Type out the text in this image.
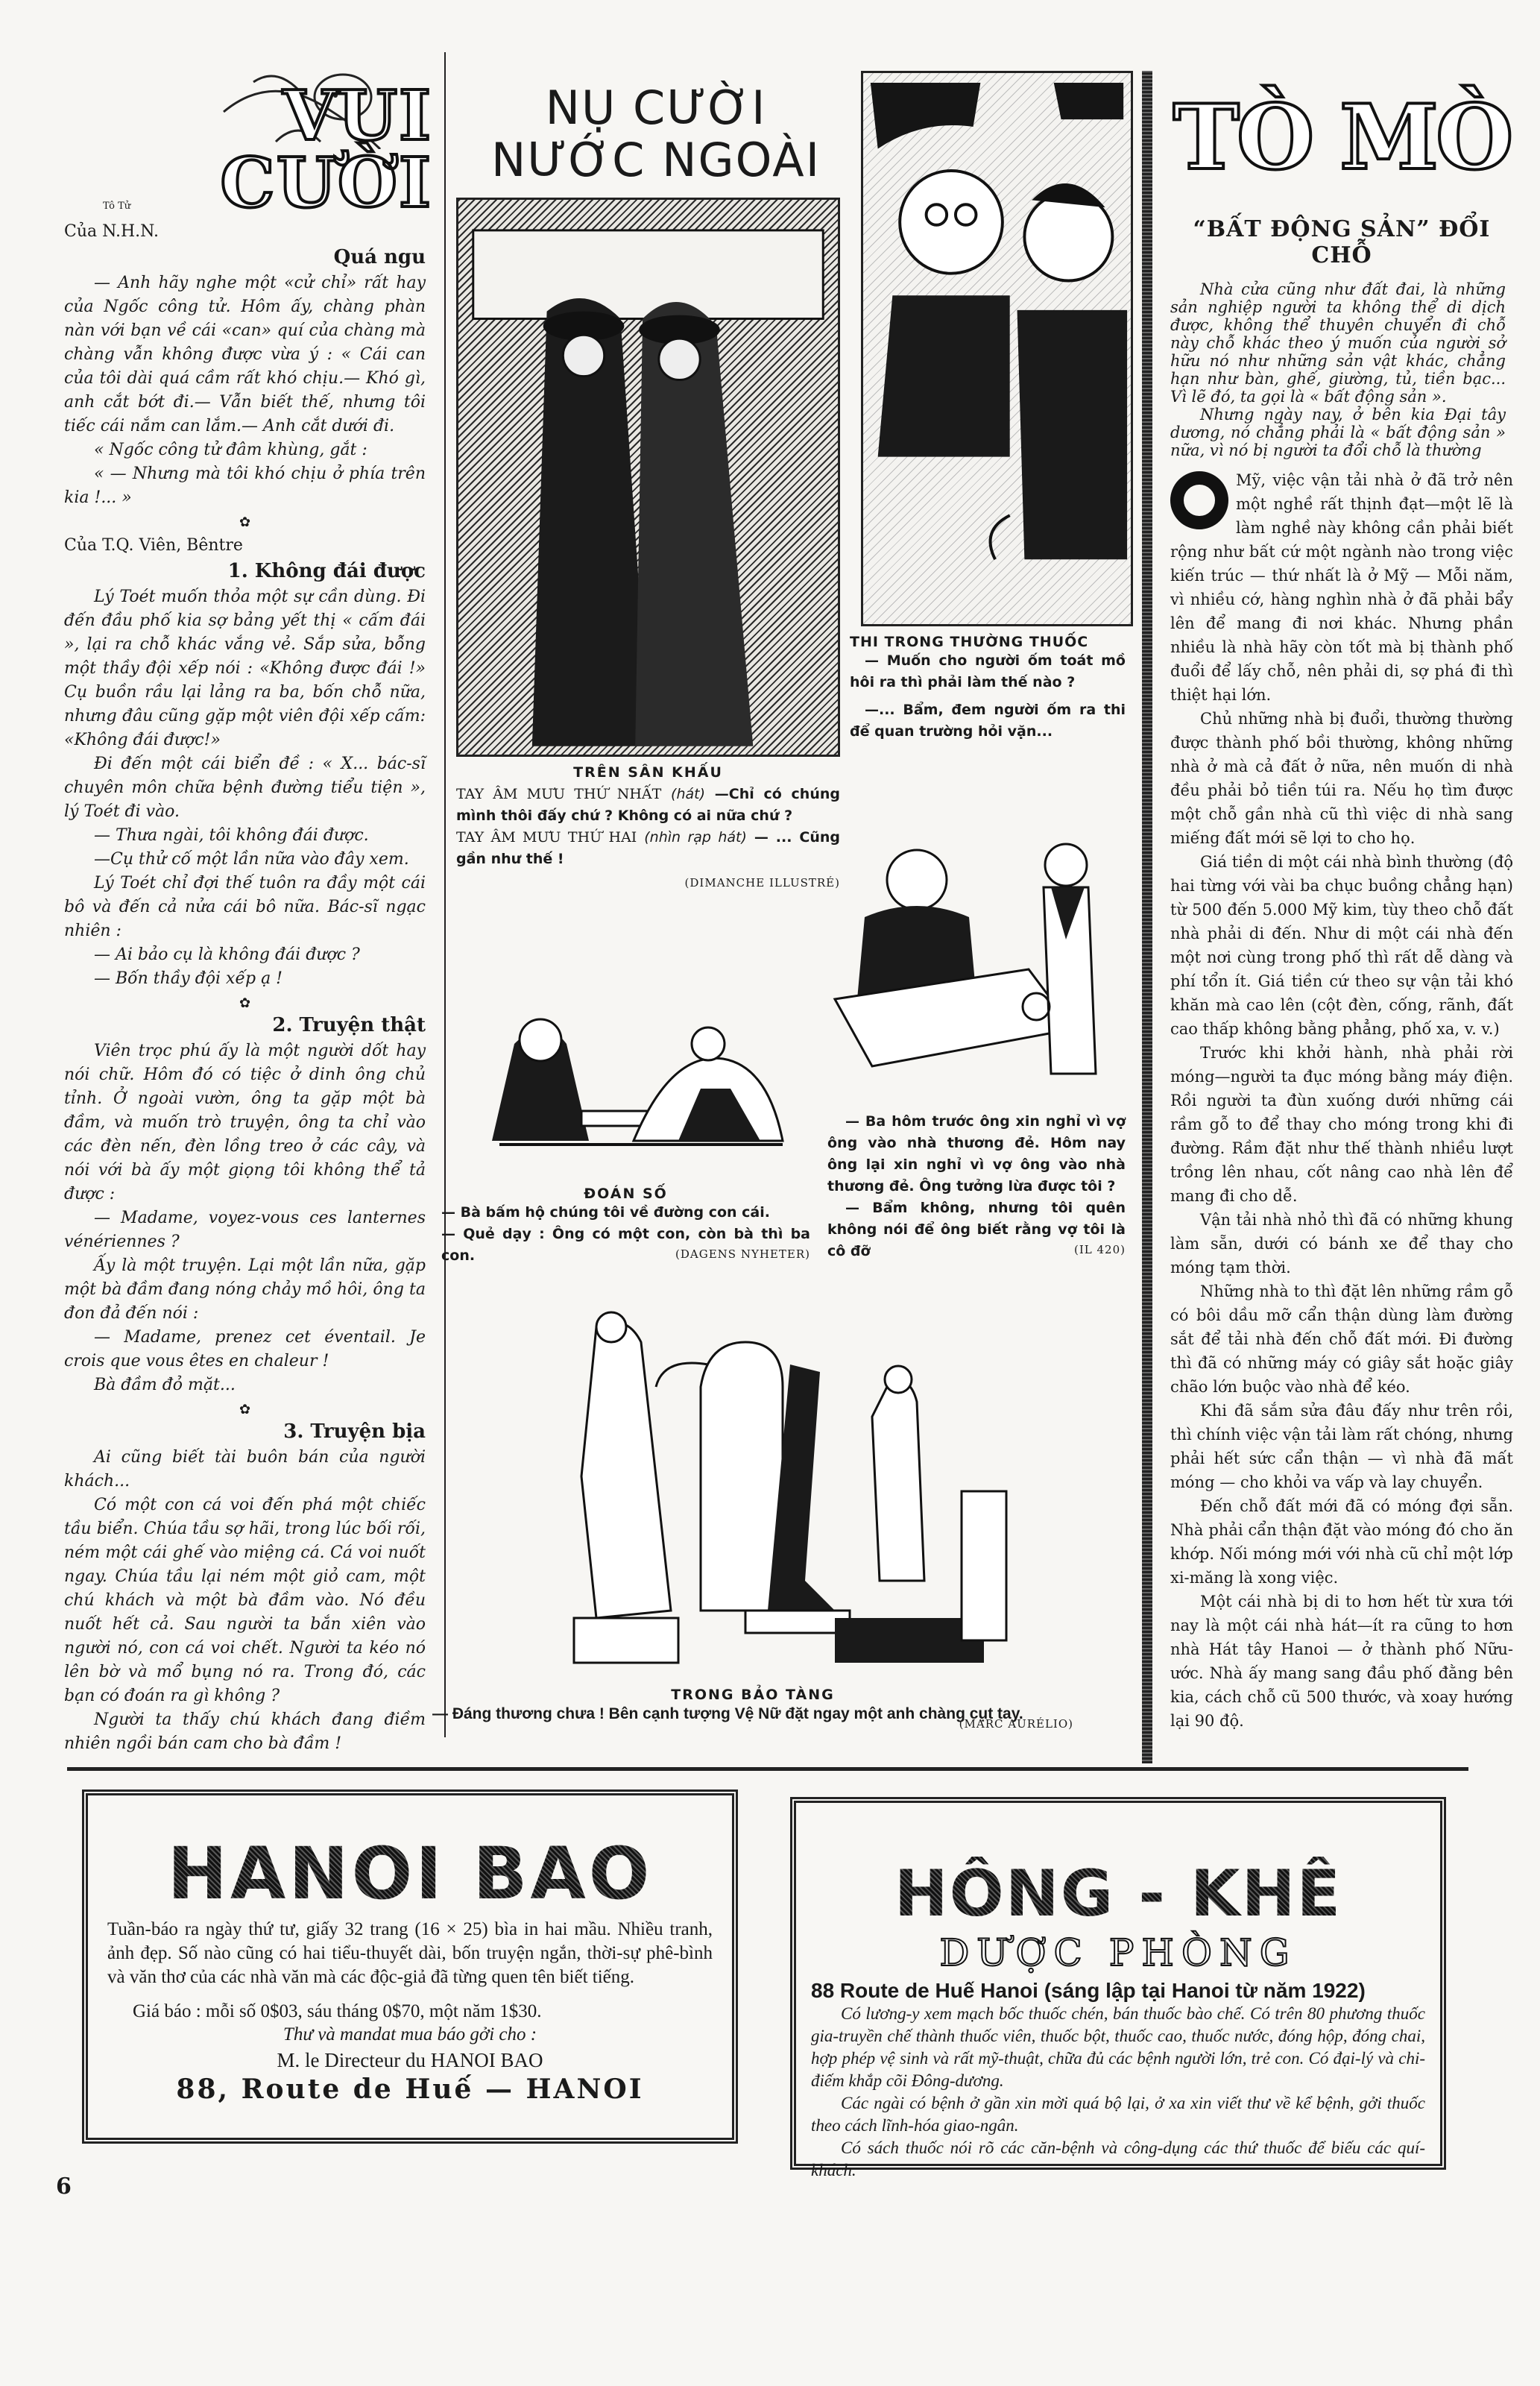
VUI CƯỜI
Tô Tử
Của N.H.N.
Quá ngu

— Anh hãy nghe một «cử chỉ» rất hay của Ngốc công tử. Hôm ấy, chàng phàn nàn với bạn về cái «can» quí của chàng mà chàng vẫn không được vừa ý : « Cái can của tôi dài quá cầm rất khó chịu.— Khó gì, anh cắt bớt đi.— Vẫn biết thế, nhưng tôi tiếc cái nắm can lắm.— Anh cắt dưới đi.

« Ngốc công tử đâm khùng, gắt :

« — Nhưng mà tôi khó chịu ở phía trên kia !... »

✿
Của T.Q. Viên, Bêntre
1. Không đái được

Lý Toét muốn thỏa một sự cần dùng. Đi đến đầu phố kia sợ bảng yết thị « cấm đái », lại ra chỗ khác vắng vẻ. Sắp sửa, bỗng một thầy đội xếp nói : «Không được đái !» Cụ buồn rầu lại lảng ra ba, bốn chỗ nữa, nhưng đâu cũng gặp một viên đội xếp cấm: «Không đái được!»

Đi đến một cái biển đề : « X... bác-sĩ chuyên môn chữa bệnh đường tiểu tiện », lý Toét đi vào.

— Thưa ngài, tôi không đái được.

—Cụ thử cố một lần nữa vào đây xem.

Lý Toét chỉ đợi thế tuôn ra đầy một cái bô và đến cả nửa cái bô nữa. Bác-sĩ ngạc nhiên :

— Ai bảo cụ là không đái được ?

— Bốn thầy đội xếp ạ !

✿
2. Truyện thật

Viên trọc phú ấy là một người dốt hay nói chữ. Hôm đó có tiệc ở dinh ông chủ tỉnh. Ở ngoài vườn, ông ta gặp một bà đầm, và muốn trò truyện, ông ta chỉ vào các đèn nến, đèn lồng treo ở các cây, và nói với bà ấy một giọng tôi không thể tả được :

— Madame, voyez-vous ces lanternes vénériennes ?

Ấy là một truyện. Lại một lần nữa, gặp một bà đầm đang nóng chảy mồ hôi, ông ta đon đả đến nói :

— Madame, prenez cet éventail. Je crois que vous êtes en chaleur !

Bà đầm đỏ mặt...

✿
3. Truyện bịa

Ai cũng biết tài buôn bán của người khách...

Có một con cá voi đến phá một chiếc tầu biển. Chúa tầu sợ hãi, trong lúc bối rối, ném một cái ghế vào miệng cá. Cá voi nuốt ngay. Chúa tầu lại ném một giỏ cam, một chú khách và một bà đầm vào. Nó đều nuốt hết cả. Sau người ta bắn xiên vào người nó, con cá voi chết. Người ta kéo nó lên bờ và mổ bụng nó ra. Trong đó, các bạn có đoán ra gì không ?

Người ta thấy chú khách đang điềm nhiên ngồi bán cam cho bà đầm !

NỤ CƯỜI
NƯỚC NGOÀI
TRÊN SÂN KHẤU

TAY ÂM MƯU THỨ NHẤT (hát) —Chỉ có chúng mình thôi đấy chứ ? Không có ai nữa chứ ?

TAY ÂM MƯU THỨ HAI (nhìn rạp hát) — ... Cũng gần như thế !

(DIMANCHE ILLUSTRÉ)
THI TRONG THƯỜNG THUỐC

— Muốn cho người ốm toát mồ hôi ra thì phải làm thế nào ?

—... Bẩm, đem người ốm ra thi để quan trường hỏi vặn...

ĐOÁN SỐ

— Bà bấm hộ chúng tôi về đường con cái.

— Quẻ dạy : Ông có một con, còn bà thì ba con.	(DAGENS NYHETER)

— Ba hôm trước ông xin nghỉ vì vợ ông vào nhà thương đẻ. Hôm nay ông lại xin nghỉ vì vợ ông vào nhà thương đẻ. Ông tưởng lừa được tôi ?

— Bẩm không, nhưng tôi quên không nói để ông biết rằng vợ tôi là cô đỡ	(IL 420)
TRONG BẢO TÀNG

— Đáng thương chưa ! Bên cạnh tượng Vệ Nữ đặt ngay một anh chàng cụt tay.

(MARC AURÉLIO)
TÒ MÒ
“BẤT ĐỘNG SẢN” ĐỔI CHỖ

Nhà cửa cũng như đất đai, là những sản nghiệp người ta không thể di dịch được, không thể thuyên chuyển đi chỗ này chỗ khác theo ý muốn của người sở hữu nó như những sản vật khác, chẳng hạn như bàn, ghế, giường, tủ, tiền bạc... Vì lẽ đó, ta gọi là « bất động sản ».

Nhưng ngày nay, ở bên kia Đại tây dương, nó chẳng phải là « bất động sản » nữa, vì nó bị người ta đổi chỗ là thường

Mỹ, việc vận tải nhà ở đã trở nên một nghề rất thịnh đạt—một lẽ là làm nghề này không cần phải biết rộng như bất cứ một ngành nào trong việc kiến trúc — thứ nhất là ở Mỹ — Mỗi năm, vì nhiều cớ, hàng nghìn nhà ở đã phải bẩy lên để mang đi nơi khác. Nhưng phần nhiều là nhà hãy còn tốt mà bị thành phố đuổi để lấy chỗ, nên phải di, sợ phá đi thì thiệt hại lớn.

Chủ những nhà bị đuổi, thường thường được thành phố bồi thường, không những nhà ở mà cả đất ở nữa, nên muốn di nhà đều phải bỏ tiền túi ra. Nếu họ tìm được một chỗ gần nhà cũ thì việc di nhà sang miếng đất mới sẽ lợi to cho họ.

Giá tiền di một cái nhà bình thường (độ hai từng với vài ba chục buồng chẳng hạn) từ 500 đến 5.000 Mỹ kim, tùy theo chỗ đất nhà phải di đến. Như di một cái nhà đến một nơi cùng trong phố thì rất dễ dàng và phí tổn ít. Giá tiền cứ theo sự vận tải khó khăn mà cao lên (cột đèn, cống, rãnh, đất cao thấp không bằng phẳng, phố xa, v. v.)

Trước khi khởi hành, nhà phải rời móng—người ta đục móng bằng máy điện. Rồi người ta đùn xuống dưới những cái rầm gỗ to để thay cho móng trong khi đi đường. Rầm đặt như thế thành nhiều lượt trồng lên nhau, cốt nâng cao nhà lên để mang đi cho dễ.

Vận tải nhà nhỏ thì đã có những khung làm sẵn, dưới có bánh xe để thay cho móng tạm thời.

Những nhà to thì đặt lên những rầm gỗ có bôi dầu mỡ cẩn thận dùng làm đường sắt để tải nhà đến chỗ đất mới. Đi đường thì đã có những máy có giây sắt hoặc giây chão lớn buộc vào nhà để kéo.

Khi đã sắm sửa đâu đấy như trên rồi, thì chính việc vận tải làm rất chóng, nhưng phải hết sức cẩn thận — vì nhà đã mất móng — cho khỏi va vấp và lay chuyển.

Đến chỗ đất mới đã có móng đợi sẵn. Nhà phải cẩn thận đặt vào móng đó cho ăn khớp. Nối móng mới với nhà cũ chỉ một lớp xi-măng là xong việc.

Một cái nhà bị di to hơn hết từ xưa tới nay là một cái nhà hát—ít ra cũng to hơn nhà Hát tây Hanoi — ở thành phố Nữu-ước. Nhà ấy mang sang đầu phố đằng bên kia, cách chỗ cũ 500 thước, và xoay hướng lại 90 độ.

HANOI BAO

Tuần-báo ra ngày thứ tư, giấy 32 trang (16 × 25) bìa in hai mầu. Nhiều tranh, ảnh đẹp. Số nào cũng có hai tiểu-thuyết dài, bốn truyện ngắn, thời-sự phê-bình và văn thơ của các nhà văn mà các độc-giả đã từng quen tên biết tiếng.

Giá báo : mỗi số 0$03, sáu tháng 0$70, một năm 1$30.

Thư và mandat mua báo gởi cho :

M. le Directeur du HANOI BAO

88, Route de Huế — HANOI

HỒNG - KHÊ
DƯỢC PHÒNG

88 Route de Huế Hanoi (sáng lập tại Hanoi từ năm 1922)

Có lương-y xem mạch bốc thuốc chén, bán thuốc bào chế. Có trên 80 phương thuốc gia-truyền chế thành thuốc viên, thuốc bột, thuốc cao, thuốc nước, đóng hộp, đóng chai, hợp phép vệ sinh và rất mỹ-thuật, chữa đủ các bệnh người lớn, trẻ con. Có đại-lý và chi-điếm khắp cõi Đông-dương.

Các ngài có bệnh ở gần xin mời quá bộ lại, ở xa xin viết thư về kể bệnh, gởi thuốc theo cách lĩnh-hóa giao-ngân.

Có sách thuốc nói rõ các căn-bệnh và công-dụng các thứ thuốc để biếu các quí-khách.

6
